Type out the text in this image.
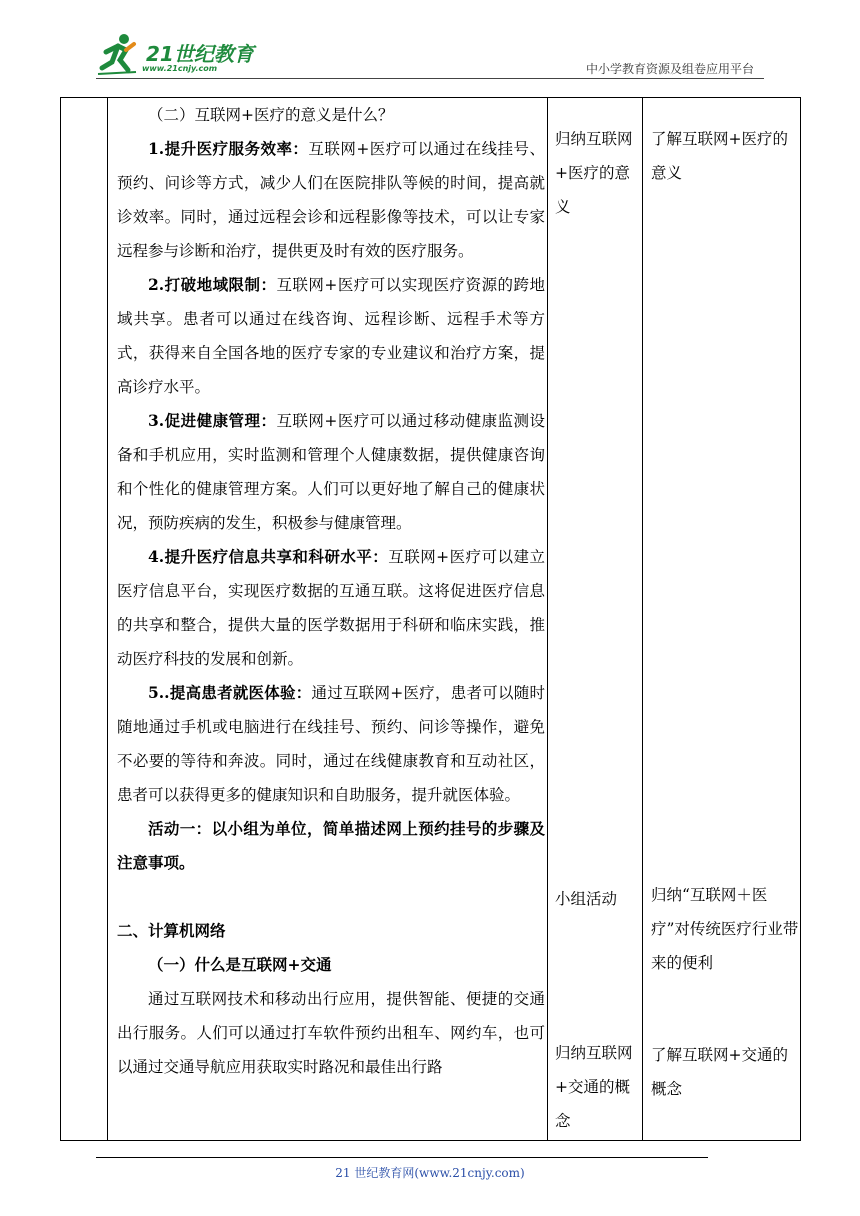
21世纪教育
www.21cnjy.com	中小学教育资源及组卷应用平台

（二）互联网+医疗的意义是什么？

1.提升医疗服务效率：互联网+医疗可以通过在线挂号、预约、问诊等方式，减少人们在医院排队等候的时间，提高就诊效率。同时，通过远程会诊和远程影像等技术，可以让专家远程参与诊断和治疗，提供更及时有效的医疗服务。

2.打破地域限制：互联网+医疗可以实现医疗资源的跨地域共享。患者可以通过在线咨询、远程诊断、远程手术等方式，获得来自全国各地的医疗专家的专业建议和治疗方案，提高诊疗水平。

3.促进健康管理：互联网+医疗可以通过移动健康监测设备和手机应用，实时监测和管理个人健康数据，提供健康咨询和个性化的健康管理方案。人们可以更好地了解自己的健康状况，预防疾病的发生，积极参与健康管理。

4.提升医疗信息共享和科研水平：互联网+医疗可以建立医疗信息平台，实现医疗数据的互通互联。这将促进医疗信息的共享和整合，提供大量的医学数据用于科研和临床实践，推动医疗科技的发展和创新。

5..提高患者就医体验：通过互联网+医疗，患者可以随时随地通过手机或电脑进行在线挂号、预约、问诊等操作，避免不必要的等待和奔波。同时，通过在线健康教育和互动社区，患者可以获得更多的健康知识和自助服务，提升就医体验。

活动一：以小组为单位，简单描述网上预约挂号的步骤及注意事项。

二、计算机网络

（一）什么是互联网+交通

通过互联网技术和移动出行应用，提供智能、便捷的交通出行服务。人们可以通过打车软件预约出租车、网约车，也可以通过交通导航应用获取实时路况和最佳出行路

归纳互联网+医疗的意义
小组活动
归纳互联网+交通的概念
了解互联网+医疗的意义
归纳“互联网＋医疗”对传统医疗行业带来的便利
了解互联网+交通的概念
21 世纪教育网(www.21cnjy.com)
